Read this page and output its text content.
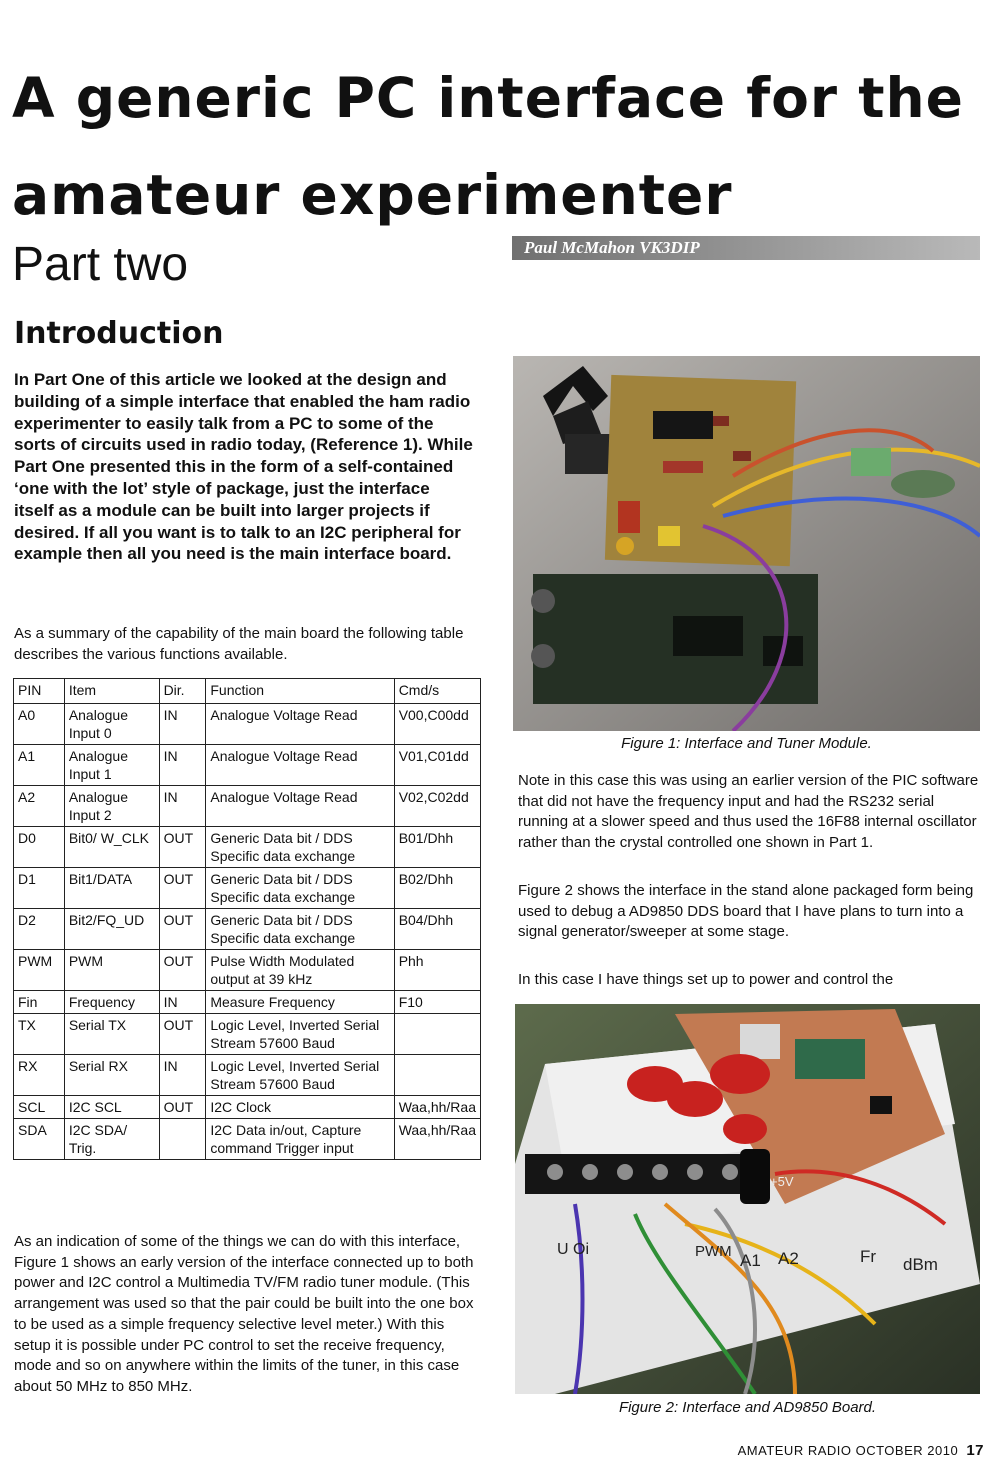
A generic PC interface for the
amateur experimenter
Part two	Paul McMahon VK3DIP
Introduction

In Part One of this article we looked at the design and building of a simple interface that enabled the ham radio experimenter to easily talk from a PC to some of the sorts of circuits used in radio today, (Reference 1). While Part One presented this in the form of a self-contained ‘one with the lot’ style of package, just the interface itself as a module can be built into larger projects if desired. If all you want is to talk to an I2C peripheral for example then all you need is the main interface board.

As a summary of the capability of the main board the following table describes the various functions available.

PIN	Item	Dir.	Function	Cmd/s
A0	Analogue Input 0	IN	Analogue Voltage Read	V00,C00dd
A1	Analogue Input 1	IN	Analogue Voltage Read	V01,C01dd
A2	Analogue Input 2	IN	Analogue Voltage Read	V02,C02dd
D0	Bit0/ W_CLK	OUT	Generic Data bit / DDS Specific data exchange	B01/Dhh
D1	Bit1/DATA	OUT	Generic Data bit / DDS Specific data exchange	B02/Dhh
D2	Bit2/FQ_UD	OUT	Generic Data bit / DDS Specific data exchange	B04/Dhh
PWM	PWM	OUT	Pulse Width Modulated output at 39 kHz	Phh
Fin	Frequency	IN	Measure Frequency	F10
TX	Serial TX	OUT	Logic Level, Inverted Serial Stream 57600 Baud	
RX	Serial RX	IN	Logic Level, Inverted Serial Stream 57600 Baud	
SCL	I2C SCL	OUT	I2C Clock	Waa,hh/Raa
SDA	I2C SDA/ Trig.		I2C Data in/out, Capture command Trigger input	Waa,hh/Raa

As an indication of some of the things we can do with this interface, Figure 1 shows an early version of the interface connected up to both power and I2C control a Multimedia TV/FM radio tuner module. (This arrangement was used so that the pair could be built into the one box to be used as a simple frequency selective level meter.) With this setup it is possible under PC control to set the receive frequency, mode and so on anywhere within the limits of the tuner, in this case about 50 MHz to 850 MHz.

Figure 1: Interface and Tuner Module.

Note in this case this was using an earlier version of the PIC software that did not have the frequency input and had the RS232 serial running at a slower speed and thus used the 16F88 internal oscillator rather than the crystal controlled one shown in Part 1.

Figure 2 shows the interface in the stand alone packaged form being used to debug a AD9850 DDS board that I have plans to turn into a signal generator/sweeper at some stage.

In this case I have things set up to power and control the

+5V
U Oi	PWM A1 A2	Fr dBm

Figure 2: Interface and AD9850 Board.

AMATEUR RADIO OCTOBER 2010 17
